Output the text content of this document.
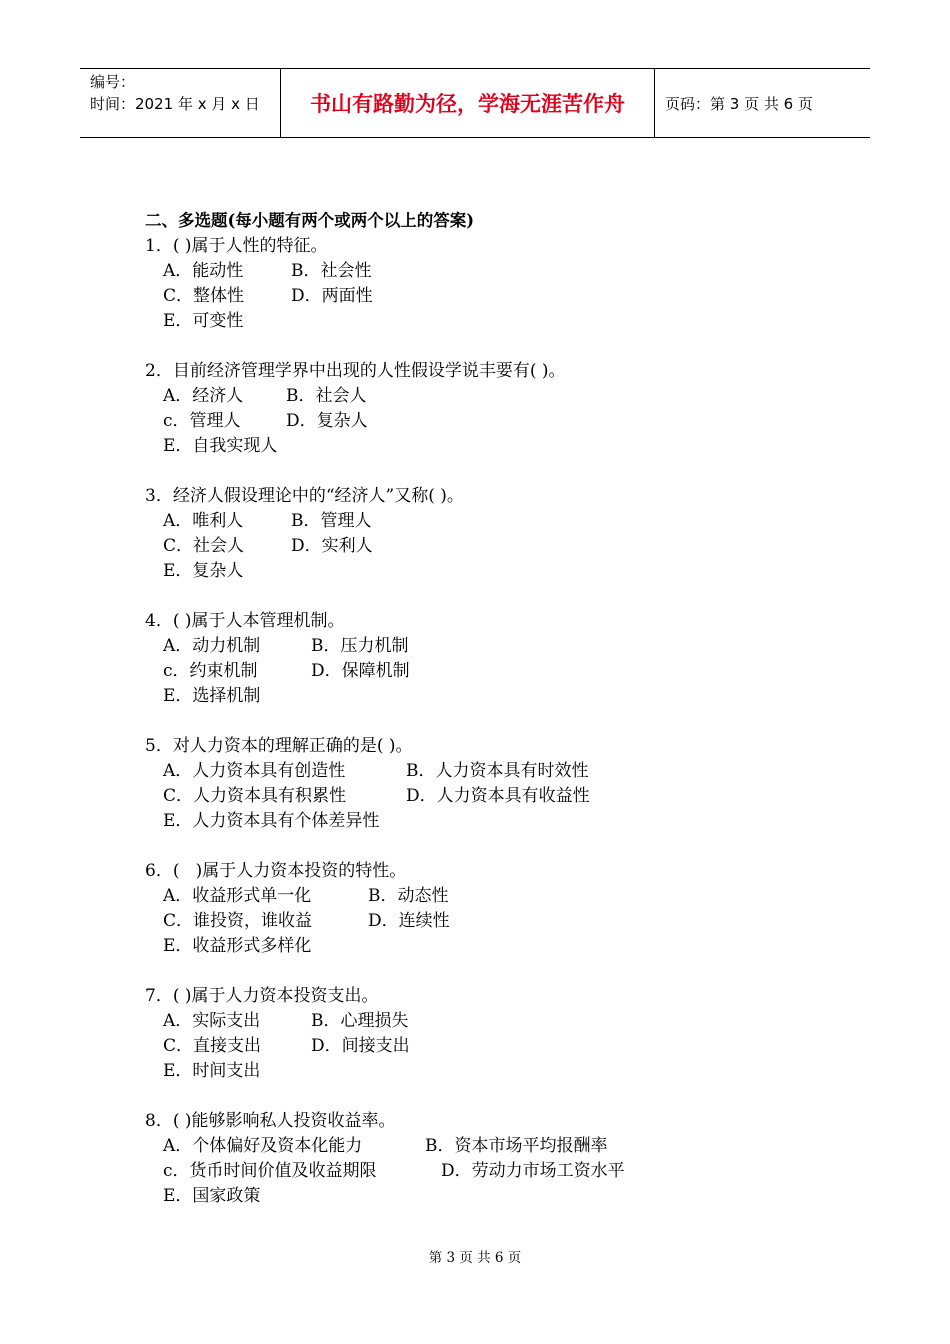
编号：
时间：2021 年 x 月 x 日	书山有路勤为径，学海无涯苦作舟	页码：第 3 页 共 6 页
二、多选题(每小题有两个或两个以上的答案)
1．( )属于人性的特征。
A．能动性	B．社会性
C．整体性	D．两面性
E．可变性
2．目前经济管理学界中出现的人性假设学说丰要有( )。
A．经济人	B．社会人
c．管理人	D．复杂人
E．自我实现人
3．经济人假设理论中的“经济人”又称( )。
A．唯利人	B．管理人
C．社会人	D．实利人
E．复杂人
4．( )属于人本管理机制。
A．动力机制	B．压力机制
c．约束机制	D．保障机制
E．选择机制
5．对人力资本的理解正确的是( )。
A．人力资本具有创造性	B．人力资本具有时效性
C．人力资本具有积累性	D．人力资本具有收益性
E．人力资本具有个体差异性
6．(   )属于人力资本投资的特性。
A．收益形式单一化	B．动态性
C．谁投资，谁收益	D．连续性
E．收益形式多样化
7．( )属于人力资本投资支出。
A．实际支出	B．心理损失
C．直接支出	D．间接支出
E．时间支出
8．( )能够影响私人投资收益率。
A．个体偏好及资本化能力	B．资本市场平均报酬率
c．货币时间价值及收益期限	D．劳动力市场工资水平
E．国家政策
第 3 页 共 6 页
